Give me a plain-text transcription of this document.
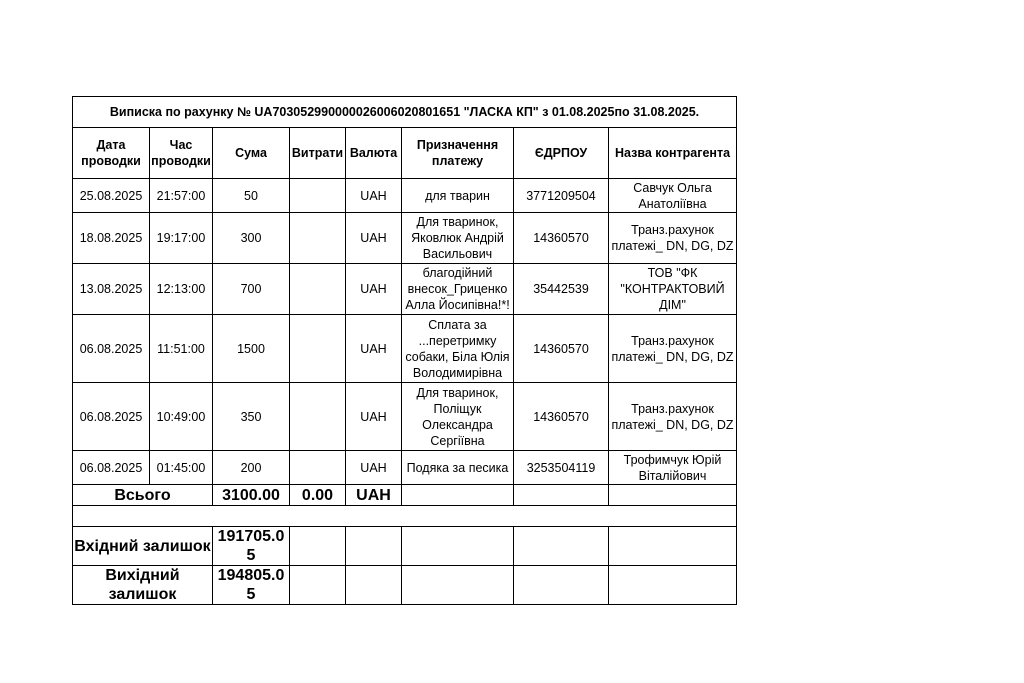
Виписка по рахунку № UA703052990000026006020801651 "ЛАСКА КП" з 01.08.2025по 31.08.2025.							
Дата проводки	Час проводки	Сума	Витрати	Валюта	Призначення платежу	ЄДРПОУ	Назва контрагента
25.08.2025	21:57:00	50		UAH	для тварин	3771209504	Савчук Ольга Анатоліївна
18.08.2025	19:17:00	300		UAH	Для тваринок, Яковлюк Андрій Васильович	14360570	Транз.рахунок платежі_ DN, DG, DZ
13.08.2025	12:13:00	700		UAH	благодійний внесок_Гриценко Алла Йосипівна!*!	35442539	ТОВ "ФК "КОНТРАКТОВИЙ ДІМ"
06.08.2025	11:51:00	1500		UAH	Сплата за ...перетримку собаки, Біла Юлія Володимирівна	14360570	Транз.рахунок платежі_ DN, DG, DZ
06.08.2025	10:49:00	350		UAH	Для тваринок, Поліщук Олександра Сергіївна	14360570	Транз.рахунок платежі_ DN, DG, DZ
06.08.2025	01:45:00	200		UAH	Подяка за песика	3253504119	Трофимчук Юрій Віталійович
Всього		3100.00	0.00	UAH			

Вхідний залишок		191705.05					
Вихідний залишок		194805.05					
